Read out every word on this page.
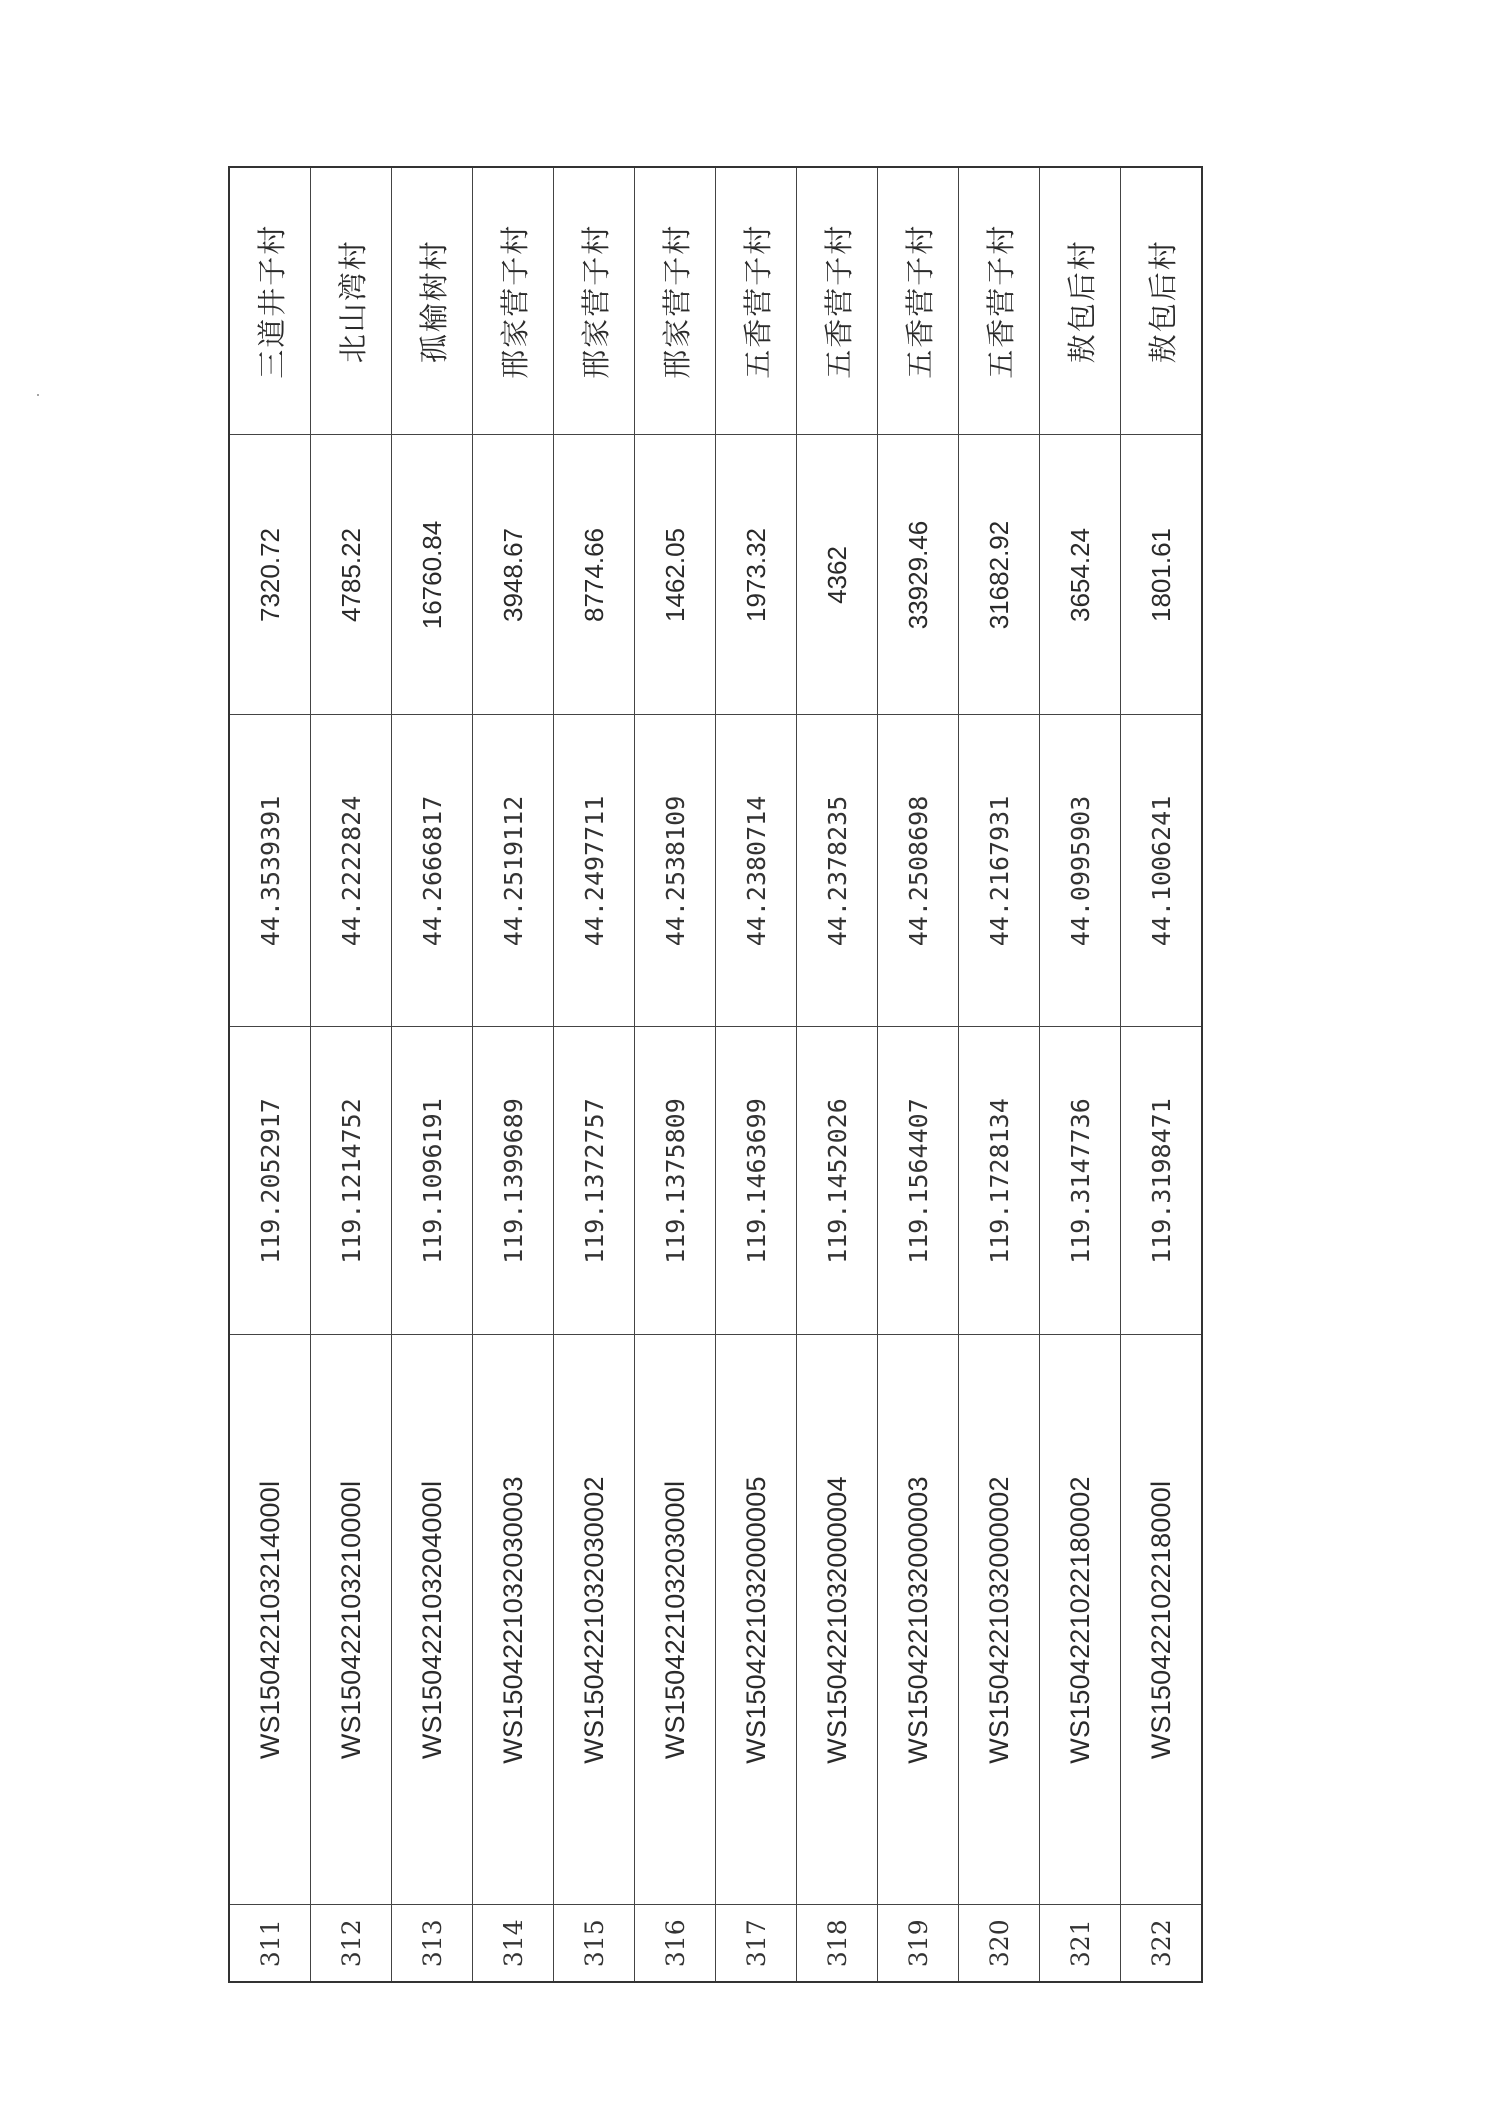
311	WS150422103214000l	119.2052917	44.3539391	7320.72	三道井子村
312	WS150422103210000l	119.1214752	44.2222824	4785.22	北山湾村
313	WS150422103204000l	119.1096191	44.2666817	16760.84	孤榆树村
314	WS1504221032030003	119.1399689	44.2519112	3948.67	邢家营子村
315	WS1504221032030002	119.1372757	44.2497711	8774.66	邢家营子村
316	WS150422103203000l	119.1375809	44.2538109	1462.05	邢家营子村
317	WS1504221032000005	119.1463699	44.2380714	1973.32	五香营子村
318	WS1504221032000004	119.1452026	44.2378235	4362	五香营子村
319	WS1504221032000003	119.1564407	44.2508698	33929.46	五香营子村
320	WS1504221032000002	119.1728134	44.2167931	31682.92	五香营子村
321	WS1504221022180002	119.3147736	44.0995903	3654.24	敖包后村
322	WS150422102218000l	119.3198471	44.1006241	1801.61	敖包后村
